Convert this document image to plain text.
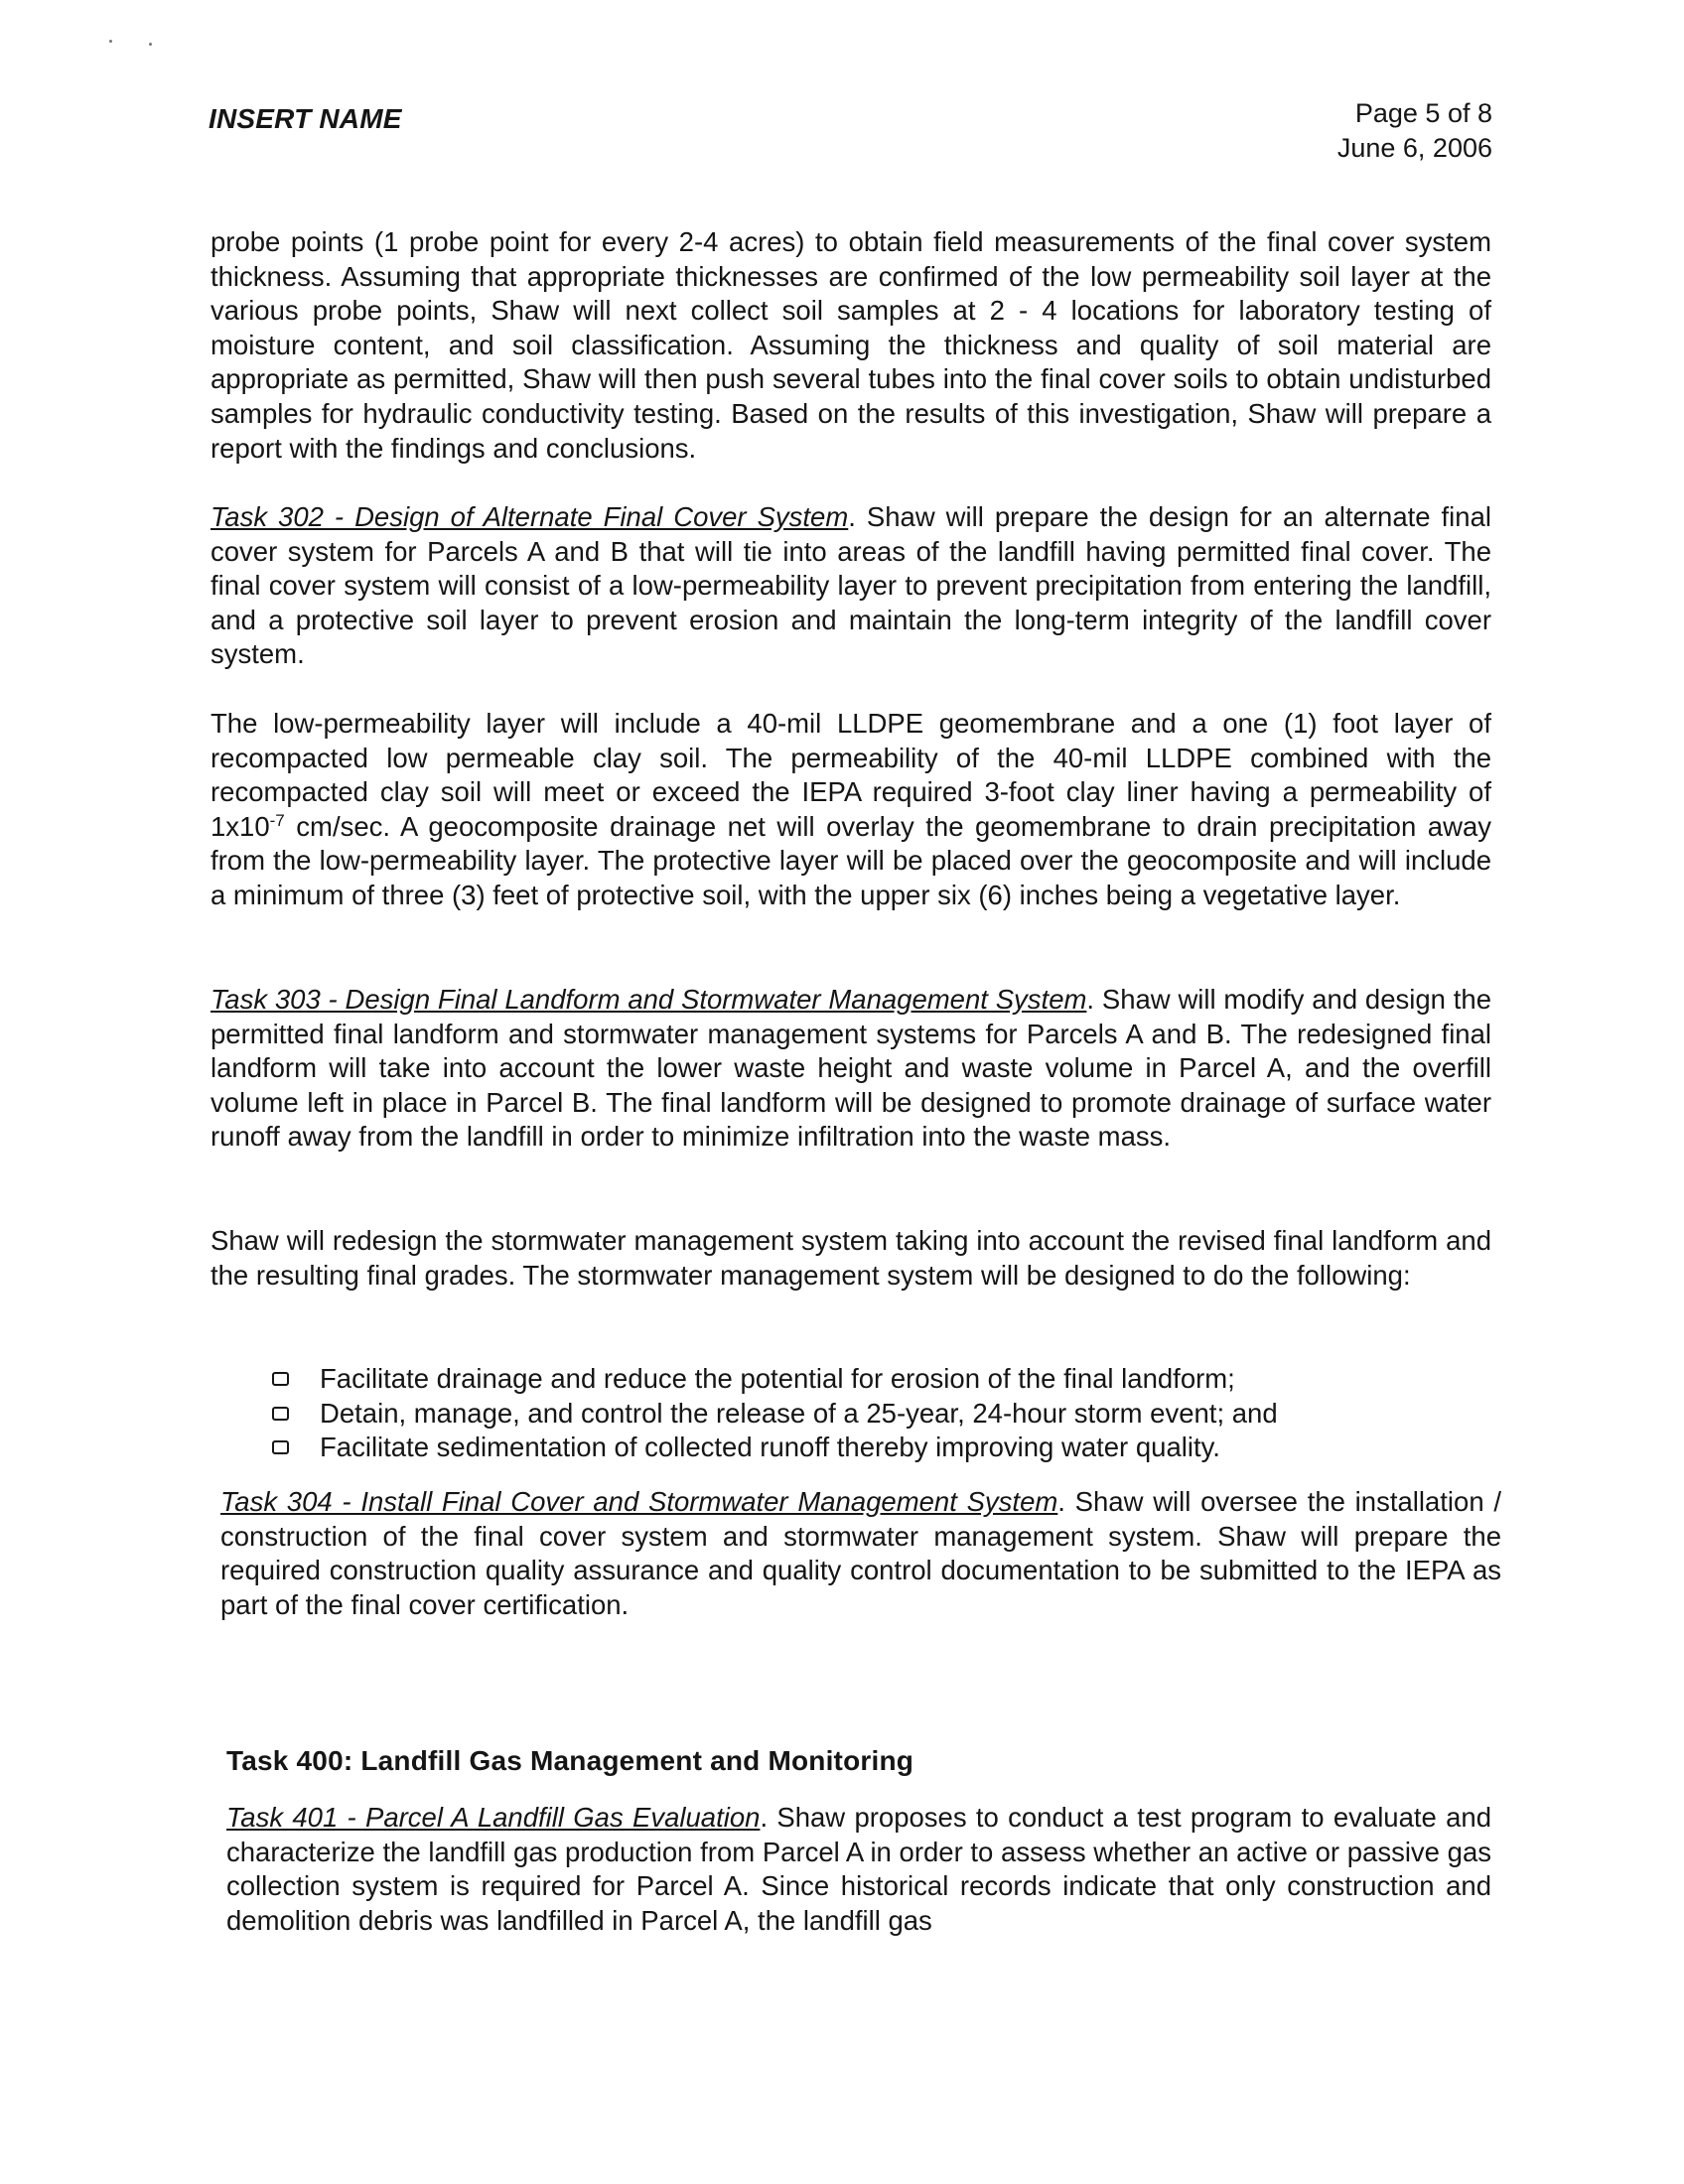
INSERT NAME	Page 5 of 8
June 6, 2006

probe points (1 probe point for every 2-4 acres) to obtain field measurements of the final cover system thickness. Assuming that appropriate thicknesses are confirmed of the low permeability soil layer at the various probe points, Shaw will next collect soil samples at 2 - 4 locations for laboratory testing of moisture content, and soil classification. Assuming the thickness and quality of soil material are appropriate as permitted, Shaw will then push several tubes into the final cover soils to obtain undisturbed samples for hydraulic conductivity testing. Based on the results of this investigation, Shaw will prepare a report with the findings and conclusions.

Task 302 - Design of Alternate Final Cover System. Shaw will prepare the design for an alternate final cover system for Parcels A and B that will tie into areas of the landfill having permitted final cover. The final cover system will consist of a low-permeability layer to prevent precipitation from entering the landfill, and a protective soil layer to prevent erosion and maintain the long-term integrity of the landfill cover system.

The low-permeability layer will include a 40-mil LLDPE geomembrane and a one (1) foot layer of recompacted low permeable clay soil. The permeability of the 40-mil LLDPE combined with the recompacted clay soil will meet or exceed the IEPA required 3-foot clay liner having a permeability of $1x10^{-7}$ cm/sec. A geocomposite drainage net will overlay the geomembrane to drain precipitation away from the low-permeability layer. The protective layer will be placed over the geocomposite and will include a minimum of three (3) feet of protective soil, with the upper six (6) inches being a vegetative layer.

Task 303 - Design Final Landform and Stormwater Management System. Shaw will modify and design the permitted final landform and stormwater management systems for Parcels A and B. The redesigned final landform will take into account the lower waste height and waste volume in Parcel A, and the overfill volume left in place in Parcel B. The final landform will be designed to promote drainage of surface water runoff away from the landfill in order to minimize infiltration into the waste mass.

Shaw will redesign the stormwater management system taking into account the revised final landform and the resulting final grades. The stormwater management system will be designed to do the following:

Facilitate drainage and reduce the potential for erosion of the final landform;
Detain, manage, and control the release of a 25-year, 24-hour storm event; and
Facilitate sedimentation of collected runoff thereby improving water quality.

Task 304 - Install Final Cover and Stormwater Management System. Shaw will oversee the installation / construction of the final cover system and stormwater management system. Shaw will prepare the required construction quality assurance and quality control documentation to be submitted to the IEPA as part of the final cover certification.

Task 400: Landfill Gas Management and Monitoring

Task 401 - Parcel A Landfill Gas Evaluation. Shaw proposes to conduct a test program to evaluate and characterize the landfill gas production from Parcel A in order to assess whether an active or passive gas collection system is required for Parcel A. Since historical records indicate that only construction and demolition debris was landfilled in Parcel A, the landfill gas
